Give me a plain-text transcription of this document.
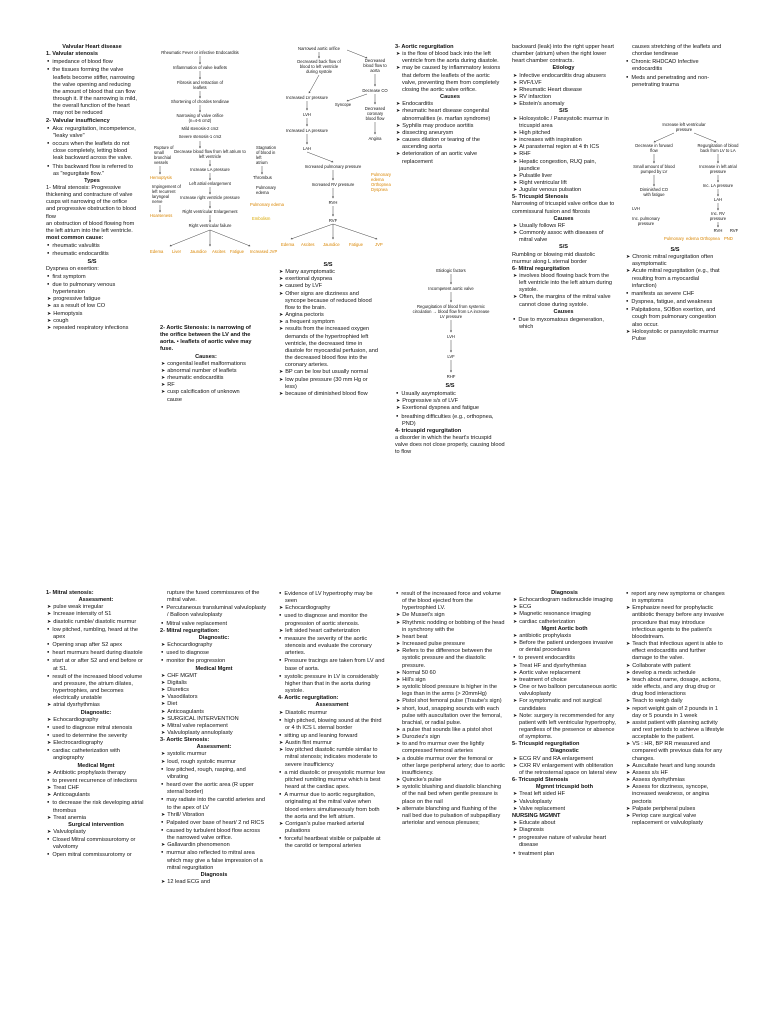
Valvular Heart disease
1. Valvular stenosis
● impedance of blood flow
● the tissues forming the valve leaflets become stiffer, narrowing the valve opening and reducing the amount of blood that can flow through it. If the narrowing is mild, the overall function of the heart may not be reduced
2- Valvular insufficiency
● Aka: regurgitation, incompetence, "leaky valve"
● occurs when the leaflets do not close completely, letting blood leak backward across the valve.
● This backward flow is referred to as "regurgitate flow."
Types
1- Mitral stenosis: Progressive thickening and contracture of valve cusps wit narrowing of the orifice and progressive obstruction to blood flow
an obstruction of blood flowing from the left atrium into the left ventricle.
most common cause:
● rheumatic valvulitis
● rheumatic endocarditis
S/S
Dyspnea on exertion:
● first symptom
● due to pulmonary venous hypertension
➤ progressive fatigue
➤ as a result of low CO
➤ Hemoptysis
➤ cough
➤ repeated respiratory infections	2- Aortic Stenosis: is narrowing of the orifice between the LV and the aorta. • leaflets of aortic valve may fuse.
Causes:
➤ congenital leaflet malformations
➤ abnormal number of leaflets
➤ rheumatic endocarditis
➤ RF
➤ cusp calcification of unknown cause
S/S
➤ Many asymptomatic
➤ exertional dyspnea
➤ caused by LVF
➤ Other signs are dizziness and syncope because of reduced blood flow to the brain.
➤ Angina pectoris
➤ a frequent symptom
➤ results from the increased oxygen demands of the hypertrophied left ventricle, the decreased time in diastole for myocardial perfusion, and the decreased blood flow into the coronary arteries.
➤ BP can be low but usually normal
➤ low pulse pressure (30 mm Hg or less)
➤ because of diminished blood flow
3- Aortic regurgitation
➤ is the flow of blood back into the left ventricle from the aorta during diastole.
➤ may be caused by inflammatory lesions that deform the leaflets of the aortic valve, preventing them from completely closing the aortic valve orifice.
Causes
➤ Endocarditis
➤ rheumatic heart disease congenital abnormalities (e. marfan syndrome)
➤ Syphilis may produce aortitis
➤ dissecting aneurysm
➤ causes dilation or tearing of the ascending aorta
➤ deterioration of an aortic valve replacement
S/S
● Usually asymptomatic
➤ Progressive s/s of LVF
➤ Exertional dyspnea and fatigue
● breathing difficulties (e.g., orthopnea, PND)
4- tricuspid regurgitation
a disorder in which the heart's tricuspid valve does not close properly, causing blood to flow
backward (leak) into the right upper heart chamber (atrium) when the right lower heart chamber contracts.
Etiology
➤ Infective endocarditis drug abusers
➤ RVF/LVF
➤ Rheumatic Heart disease
➤ RV infarction
➤ Ebstein's anomaly
S/S
➤ Holosystolic / Pansystolic murmur in tricuspid area
➤ High pitched
➤ increases with inspiration
➤ At parasternal region at 4 th ICS
➤ RHF
➤ Hepatic congestion, RUQ pain, jaundice
➤ Pulsatile liver
➤ Right ventricular lift
➤ Jugular venous pulsation
5- Tricuspid Stenosis
Narrowing of tricuspid valve orifice due to commissural fusion and fibrosis
Causes
➤ Usually follows RF
➤ Commonly assoc with diseases of mitral valve
S/S
Rumbling or blowing mid diastolic murmur along L sternal border
6- Mitral regurgitation
➤ involves blood flowing back from the left ventricle into the left atrium during systole.
➤ Often, the margins of the mitral valve cannot close during systole.
Causes
● Due to myxomatous degeneration, which
causes stretching of the leaflets and chordae tendineae
● Chronic RHDCAD Infective endocarditis
● Meds and penetrating and non-penetrating trauma
S/S
➤ Chronic mitral regurgitation often asymptomatic
➤ Acute mitral regurgitation (e.g., that resulting from a myocardial infarction)
● manifests as severe CHF
● Dyspnea, fatigue, and weakness
● Palpitations, SOBon exertion, and cough from pulmonary congestion also occur.
➤ Holosystolic or pansystolic murmur Pulse
Rheumatic Fever or infective Endocarditis
Inflammation of valve leaflets
Fibrosis and retraction of
leaflets
Shortening of chordes tendinae
Narrowing of valve orifice
(n=4-6 cm2)
Mild stenosis-2 cm2
Severe stenosis-1 cm2
Decrease blood flow from left atrium to
left ventricle
Increase LA pressure
Left atrial enlargement
Increase right ventricle pressure
Right ventricular Enlargement
Right ventricular failure
Rupture of
small
bronchial
vessels
Hemoptysis
Impingement of
left recurrent
laryngeal
nerve
Hoarseness
Stagnation
of blood in
left
atrium
Thrombus
Pulmonary
edema
Pulmonary edema
Embolism
Edema Liver Jaundice Ascites Fatigue Increased JVP
Narrowed aortic orifice
Decreased back flow of
blood to left ventricle
during systole
Decreased
blood flow to
aorta
Increased LV pressure
Decrease CO
Syncope
LVH
Decreased
coronary
blood flow
Increased LA pressure
Angina
LAH
Increased pulmonary pressure
Increased RV pressure
RVH
RVF
Pulmonary
edema
Orthopnea
Dyspnea
Edema Ascites Jaundice Fatigue	JVP
Etiologic factors
Incompetent aortic valve
Regurgitation of blood from systemic
circulation → blood flow from LA increase
LV pressure
LVH
LVF
RHF
Increase left ventricular
pressure
Decrease in forward
flow
Regurgitation of blood
back from LV to LA
Small amount of blood
pumped by LV
Increase in left atrial
pressure
Diminished CO
with fatigue
Inc. LA pressure
LAH
LVH
Inc. pulmonary
pressure
Inc. RV
pressure
RVH RVF
Pulmonary edema Orthopnea PND
1- Mitral stenosis:
Assessment:
➤ pulse weak irregular
➤ Increase intensity of S1
➤ diastolic rumble/ diastolic murmur
● low pitched, rumbling, heard at the apex
● Opening snap after S2 apex
● heart murmurs heard during diastole
● start at or after S2 and end before or at S1.
● result of the increased blood volume and pressure, the atrium dilates, hypertrophies, and becomes electrically unstable
➤ atrial dysrhythmias
Diagnostic:
➤ Echocardiography
● used to diagnose mitral stenosis
● used to determine the severity
➤ Electrocardiography
● cardiac catheterization with angiography
Medical Mgmt
➤ Antibiotic prophylaxis therapy
● to prevent recurrence of infections
➤ Treat CHF
➤ Anticoagulants
● to decrease the risk developing atrial thrombus
➤ Treat anemia
Surgical intervention
➤ Valvuloplasty
● Closed Mitral commissurotomy or valvotomy
● Open mitral commissurotomy or
rupture the fused commissures of the mitral valve.
● Percutaneous transluminal valvuloplasty / Balloon valvuloplasty
● Mitral valve replacement
2- Mitral regurgitation:
Diagnostic:
➤ Echocardiography
● used to diagnose
● monitor the progression
Medical Mgmt
➤ CHF MGMT
➤ Digitalis
➤ Diuretics
➤ Vasodilators
➤ Diet
➤ Anticoagulants
➤ SURGICAL INTERVENTION
➤ Mitral valve replacement
➤ Valvuloplasty annuloplasty
3- Aortic Stenosis:
Assessment:
➤ systolic murmur
➤ loud, rough systolic murmur
● low pitched, rough, rasping, and vibrating
● heard over the aortic area (R upper sternal border)
● may radiate into the carotid arteries and to the apex of LV
➤ Thrill/ Vibration
● Palpated over base of heart/ 2 nd RICS
● caused by turbulent blood flow across the narrowed valve orifice.
➤ Gallavardin phenomenon
● murmur also reflected to mitral area which may give a false impression of a mitral regurgitation
Diagnosis
➤ 12 lead ECG and
● Evidence of LV hypertrophy may be seen
➤ Echocardiography
● used to diagnose and monitor the progression of aortic stenosis.
➤ left sided heart catheterization
● measure the severity of the aortic stenosis and evaluate the coronary arteries.
● Pressure tracings are taken from LV and base of aorta.
● systolic pressure in LV is considerably higher than that in the aorta during systole.
4- Aortic regurgitation:
Assessment
➤ Diastolic murmur
● high pitched, blowing sound at the third or 4 th ICS L sternal border
● sitting up and leaning forward
➤ Austin flint murmur
➤ low pitched diastolic rumble similar to mitral stenosis; indicates moderate to severe insufficiency
● a mid diastolic or presystolic murmur low pitched rumbling murmur which is best heard at the cardiac apex.
● A murmur due to aortic regurgitation, originating at the mitral valve when blood enters simultaneously from both the aorta and the left atrium.
➤ Corrigan's pulse marked arterial pulsations
● forceful heartbeat visible or palpable at the carotid or temporal arteries
● result of the increased force and volume of the blood ejected from the hypertrophied LV.
➤ De Musset's sign
➤ Rhythmic nodding or bobbing of the head in synchrony with the
➤ heart beat
➤ Increased pulse pressure
➤ Refers to the difference between the systolic pressure and the diastolic pressure.
➤ Normal 50 60
➤ Hill's sign
➤ systolic blood pressure is higher in the legs than in the arms (> 20mmHg)
➤ Pistol shot femoral pulse (Traube's sign)
➤ short, loud, snapping sounds with each pulse with auscultation over the femoral, brachial, or radial pulse.
➤ a pulse that sounds like a pistol shot
➤ Duroziez's sign
➤ to and fro murmur over the lightly compressed femoral arteries
➤ a double murmur over the femoral or other large peripheral artery; due to aortic insufficiency.
➤ Quincke's pulse
➤ systolic blushing and diastolic blanching of the nail bed when gentle pressure is place on the nail
➤ alternate blanching and flushing of the nail bed due to pulsation of subpapillary arteriolar and venous plexuses;
Diagnosis
➤ Echocardiogram radionuclide imaging
➤ ECG
➤ Magnetic resonance imaging
➤ cardiac catheterization
Mgmt Aortic both
➤ antibiotic prophylaxis
➤ Before the patient undergoes invasive or dental procedures
● to prevent endocarditis
➤ Treat HF and dysrhythmias
➤ Aortic valve replacement
➤ treatment of choice
➤ One or two balloon percutaneous aortic valvuloplasty
➤ For symptomatic and not surgical candidates
➤ Note: surgery is recommended for any patient with left ventricular hypertrophy, regardless of the presence or absence of symptoms.
5- Tricuspid regurgitation
Diagnostic
➤ ECG RV and RA enlargement
➤ CXR RV enlargement with obliteration of the retrosternal space on lateral view
6- Tricuspid Stenosis
Mgmnt tricuspid both
➤ Treat left sided HF
➤ Valvuloplasty
➤ Valve replacement
NURSING MGMNT
➤ Educate about
➤ Diagnosis
● progressive nature of valvular heart disease
● treatment plan
● report any new symptoms or changes in symptoms
➤ Emphasize need for prophylactic antibiotic therapy before any invasive procedure that may introduce infectious agents to the patient's bloodstream.
➤ Teach that infectious agent is able to effect endocarditis and further damage to the valve.
➤ Collaborate with patient
➤ develop a meds schedule
➤ teach about name, dosage, actions, side effects, and any drug drug or drug food interactions
➤ Teach to weigh daily
➤ report weight gain of 2 pounds in 1 day or 5 pounds in 1 week
➤ assist patient with planning activity and rest periods to achieve a lifestyle acceptable to the patient.
➤ VS : HR, BP RR measured and compared with previous data for any changes.
➤ Auscultate heart and lung sounds
➤ Assess s/s HF
➤ Assess dysrhythmias
➤ Assess for dizziness, syncope, increased weakness, or angina pectoris
➤ Palpate peripheral pulses
➤ Periop care surgical valve replacement or valvuloplasty
